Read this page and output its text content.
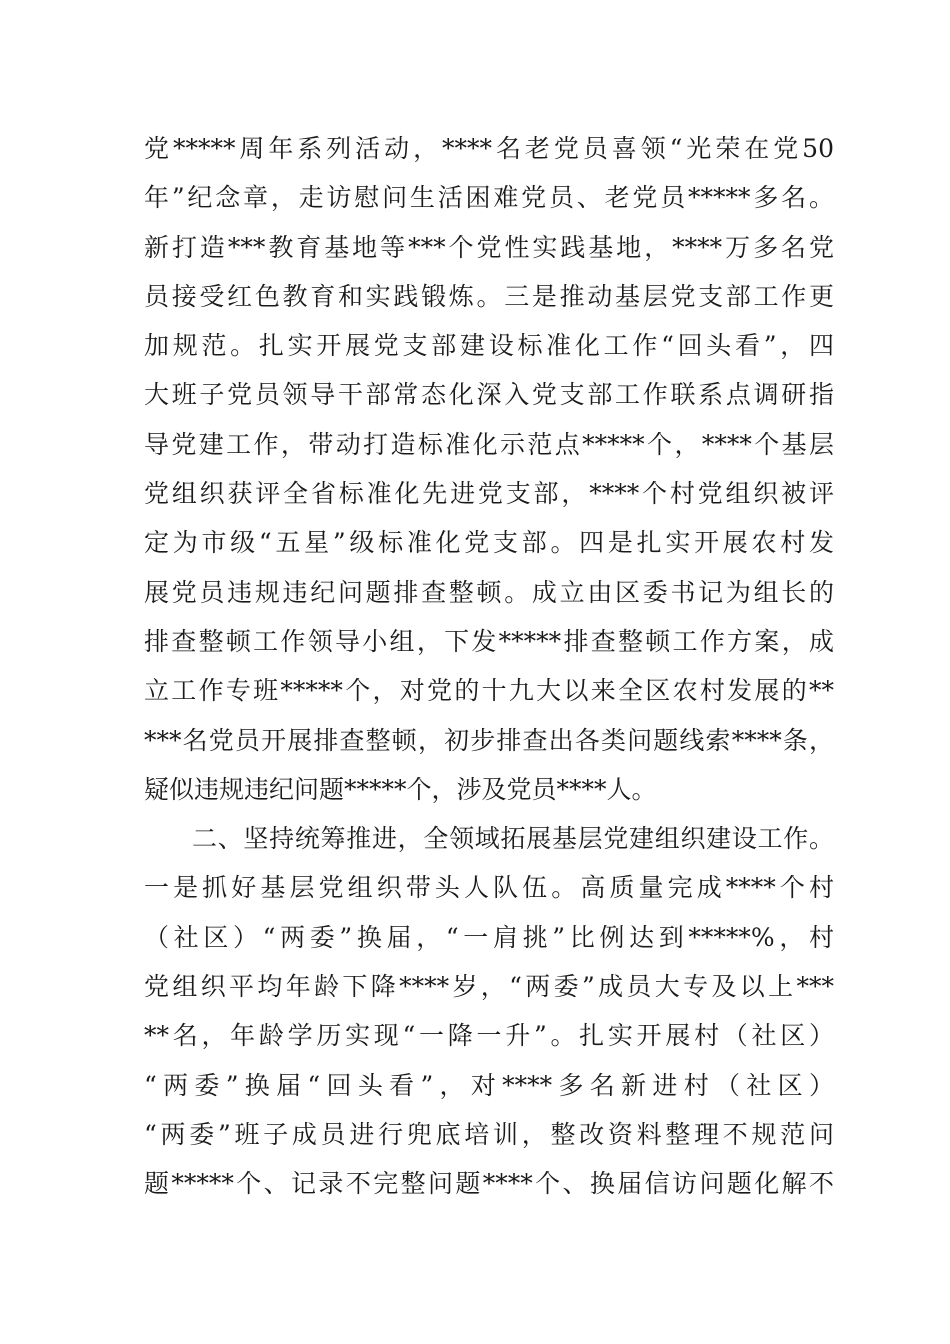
党*****周年系列活动，****名老党员喜领“光荣在党50
年”纪念章，走访慰问生活困难党员、老党员*****多名。
新打造***教育基地等***个党性实践基地，****万多名党
员接受红色教育和实践锻炼。三是推动基层党支部工作更
加规范。扎实开展党支部建设标准化工作“回头看”，四
大班子党员领导干部常态化深入党支部工作联系点调研指
导党建工作，带动打造标准化示范点*****个，****个基层
党组织获评全省标准化先进党支部，****个村党组织被评
定为市级“五星”级标准化党支部。四是扎实开展农村发
展党员违规违纪问题排查整顿。成立由区委书记为组长的
排查整顿工作领导小组，下发*****排查整顿工作方案，成
立工作专班*****个，对党的十九大以来全区农村发展的**
***名党员开展排查整顿，初步排查出各类问题线索****条，
疑似违规违纪问题*****个，涉及党员****人。
二、坚持统筹推进，全领域拓展基层党建组织建设工作。
一是抓好基层党组织带头人队伍。高质量完成****个村
（社区）“两委”换届，“一肩挑”比例达到*****%，村
党组织平均年龄下降****岁，“两委”成员大专及以上***
**名，年龄学历实现“一降一升”。扎实开展村（社区）
“两委”换届“回头看”，对****多名新进村（社区）
“两委”班子成员进行兜底培训，整改资料整理不规范问
题*****个、记录不完整问题****个、换届信访问题化解不
